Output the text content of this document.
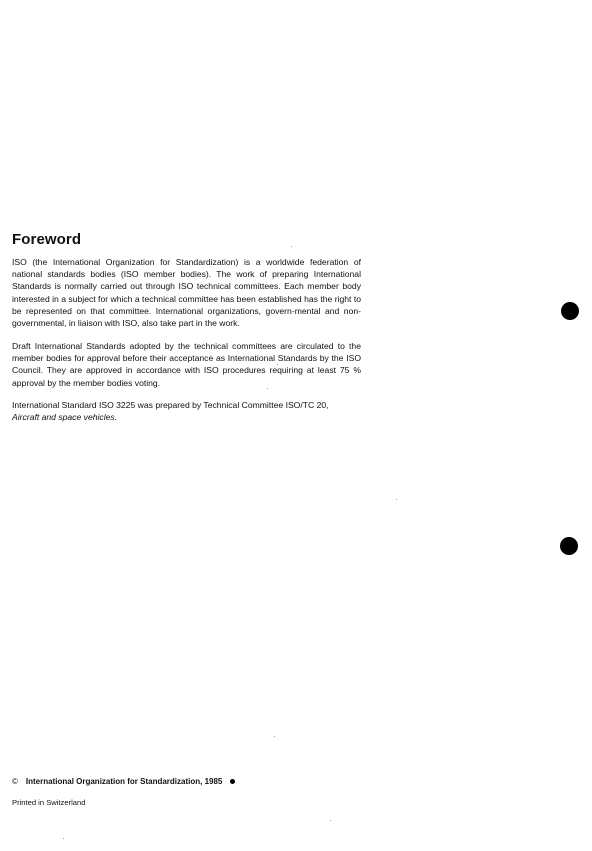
Foreword

ISO (the International Organization for Standardization) is a worldwide federation of national standards bodies (ISO member bodies). The work of preparing International Standards is normally carried out through ISO technical committees. Each member body interested in a subject for which a technical committee has been established has the right to be represented on that committee. International organizations, govern-mental and non-governmental, in liaison with ISO, also take part in the work.

Draft International Standards adopted by the technical committees are circulated to the member bodies for approval before their acceptance as International Standards by the ISO Council. They are approved in accordance with ISO procedures requiring at least 75 % approval by the member bodies voting.

International Standard ISO 3225 was prepared by Technical Committee ISO/TC 20,
Aircraft and space vehicles.

© International Organization for Standardization, 1985
Printed in Switzerland
